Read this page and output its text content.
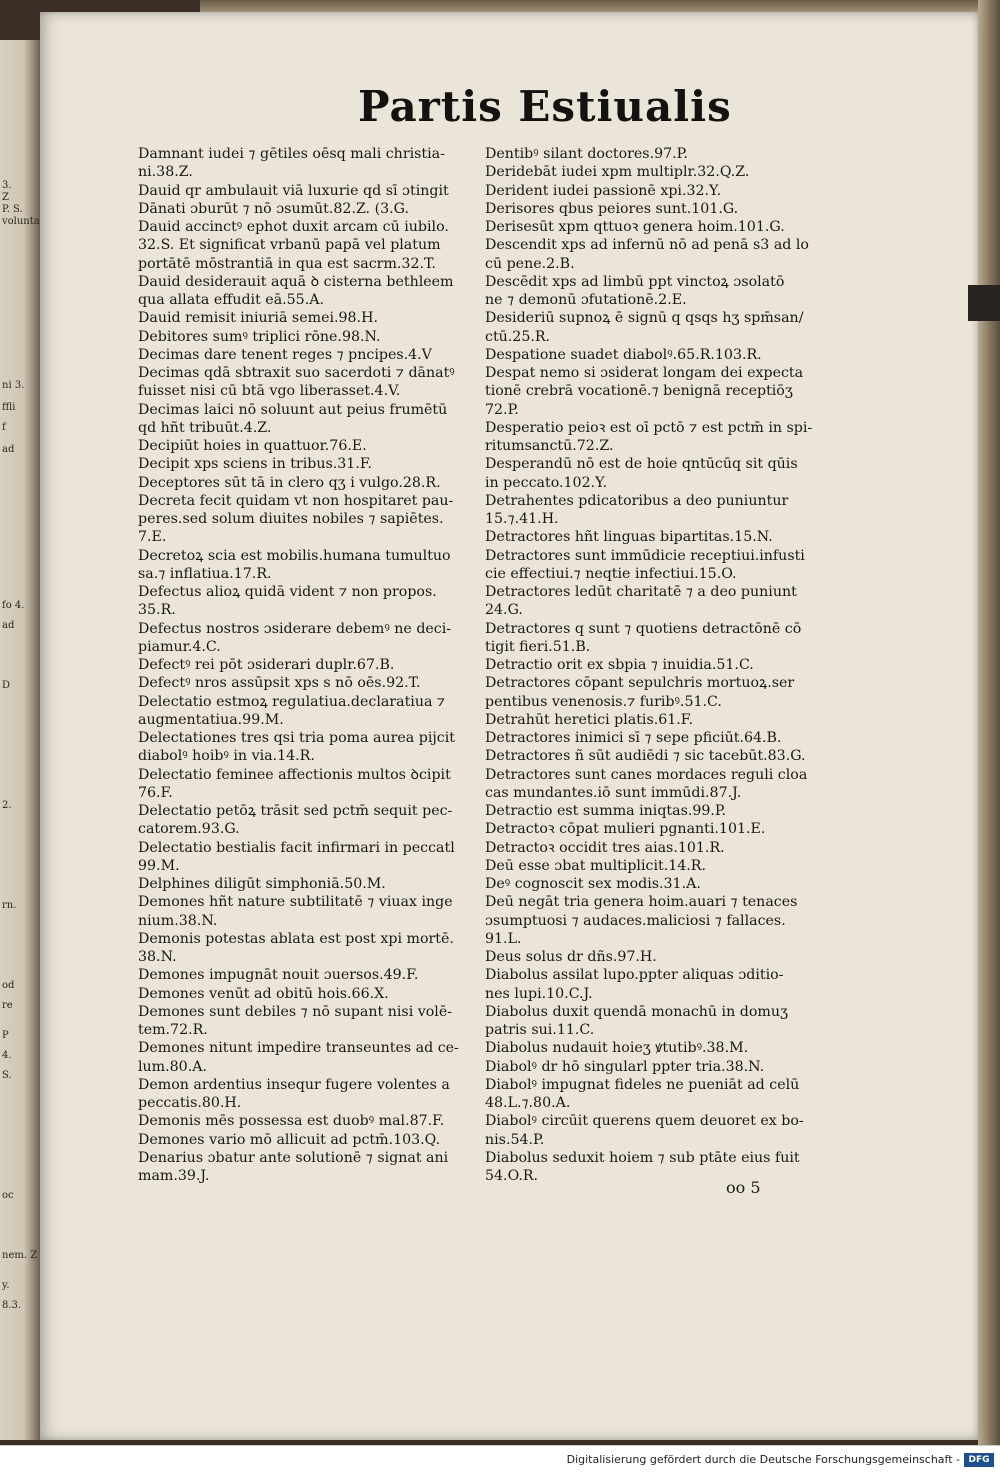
3.
Z
P. S.
volunta
ni 3.
ffli
f
ad
fo 4.
ad
D
2.
rn.
od
re
P
4.
S.
oc
nem. Z
y.
8.3.
Partis Estiualis
Damnant iudei ⁊ gētiles oēsq mali christia-
ni.38.Z.
Dauid qr ambulauit viā luxurie qd sī ɔtingit
Dānati ɔburūt ⁊ nō ɔsumūt.82.Z. (3.G.
Dauid accinctꝰ ephot duxit arcam cū iubilo.
32.S. Et significat vrbanū papā vel platum
portātē mōstrantiā in qua est sacrm.32.T.
Dauid desiderauit aquā ꝺ cisterna bethleem
qua allata effudit eā.55.A.
Dauid remisit iniuriā semei.98.H.
Debitores sumꝰ triplici rōne.98.N.
Decimas dare tenent reges ⁊ pncipes.4.V
Decimas qdā sbtraxit suo sacerdoti ⁊ dānatꝰ
fuisset nisi cū btā vgo liberasset.4.V.
Decimas laici nō soluunt aut peius frumētū
qd hñt tribuūt.4.Z.
Decipiūt hoies in quattuor.76.E.
Decipit xps sciens in tribus.31.F.
Deceptores sūt tā in clero qʒ i vulgo.28.R.
Decreta fecit quidam vt non hospitaret pau-
peres.sed solum diuites nobiles ⁊ sapiētes.
7.E.
Decretoꝝ scia est mobilis.humana tumultuo
sa.⁊ inflatiua.17.R.
Defectus alioꝝ quidā vident ⁊ non propos.
35.R.
Defectus nostros ɔsiderare debemꝰ ne deci-
piamur.4.C.
Defectꝰ rei pōt ɔsiderari duplr.67.B.
Defectꝰ nros assūpsit xps s nō oēs.92.T.
Delectatio estmoꝝ regulatiua.declaratiua ⁊
augmentatiua.99.M.
Delectationes tres qsi tria poma aurea pijcit
diabolꝰ hoibꝰ in via.14.R.
Delectatio feminee affectionis multos ꝺcipit
76.F.
Delectatio petōꝝ trāsit sed pctm̄ sequit pec-
catorem.93.G.
Delectatio bestialis facit infirmari in peccatl
99.M.
Delphines diligūt simphoniā.50.M.
Demones hñt nature subtilitatē ⁊ viuax inge
nium.38.N.
Demonis potestas ablata est post xpi mortē.
38.N.
Demones impugnāt nouit ɔuersos.49.F.
Demones venūt ad obitū hois.66.X.
Demones sunt debiles ⁊ nō supant nisi volē-
tem.72.R.
Demones nitunt impedire transeuntes ad ce-
lum.80.A.
Demon ardentius insequr fugere volentes a
peccatis.80.H.
Demonis mēs possessa est duobꝰ mal.87.F.
Demones vario mō allicuit ad pctm̄.103.Q.
Denarius ɔbatur ante solutionē ⁊ signat ani
mam.39.J.
Dentibꝰ silant doctores.97.P.
Deridebāt iudei xpm multiplr.32.Q.Z.
Derident iudei passionē xpi.32.Y.
Derisores qbus peiores sunt.101.G.
Derisesūt xpm qttuoꝛ genera hoim.101.G.
Descendit xps ad infernū nō ad penā s3 ad lo
cū pene.2.B.
Descēdit xps ad limbū ppt vinctoꝝ ɔsolatō
ne ⁊ demonū ɔfutationē.2.E.
Desideriū supnoꝝ ē signū q qsqs hʒ spm̄san/
ctū.25.R.
Despatione suadet diabolꝰ.65.R.103.R.
Despat nemo si ɔsiderat longam dei expecta
tionē crebrā vocationē.⁊ benignā receptiōʒ
72.P.
Desperatio peioꝛ est oī pctō ⁊ est pctm̄ in spi-
ritumsanctū.72.Z.
Desperandū nō est de hoie qntūcūq sit qūis
in peccato.102.Y.
Detrahentes pdicatoribus a deo puniuntur
15.⁊.41.H.
Detractores hñt linguas bipartitas.15.N.
Detractores sunt immūdicie receptiui.infusti
cie effectiui.⁊ neqtie infectiui.15.O.
Detractores ledūt charitatē ⁊ a deo puniunt
24.G.
Detractores q sunt ⁊ quotiens detractōnē cō
tigit fieri.51.B.
Detractio orit ex sbpia ⁊ inuidia.51.C.
Detractores cōpant sepulchris mortuoꝝ.ser
pentibus venenosis.⁊ furibꝰ.51.C.
Detrahūt heretici platis.61.F.
Detractores inimici sī ⁊ sepe pficiūt.64.B.
Detractores ñ sūt audiēdi ⁊ sic tacebūt.83.G.
Detractores sunt canes mordaces reguli cloa
cas mundantes.iō sunt immūdi.87.J.
Detractio est summa iniqtas.99.P.
Detractoꝛ cōpat mulieri pgnanti.101.E.
Detractoꝛ occidit tres aias.101.R.
Deū esse ɔbat multiplicit.14.R.
Deꝰ cognoscit sex modis.31.A.
Deū negāt tria genera hoim.auari ⁊ tenaces
ɔsumptuosi ⁊ audaces.maliciosi ⁊ fallaces.
91.L.
Deus solus dr dñs.97.H.
Diabolus assilat lupo.ppter aliquas ɔditio-
nes lupi.10.C.J.
Diabolus duxit quendā monachū in domuʒ
patris sui.11.C.
Diabolus nudauit hoieʒ ꝟtutibꝰ.38.M.
Diabolꝰ dr hō singularl ppter tria.38.N.
Diabolꝰ impugnat fideles ne pueniāt ad celū
48.L.⁊.80.A.
Diabolꝰ circūit querens quem deuoret ex bo-
nis.54.P.
Diabolus seduxit hoiem ⁊ sub ptāte eius fuit
54.O.R.
oo 5
Digitalisierung gefördert durch die Deutsche Forschungsgemeinschaft - DFG
